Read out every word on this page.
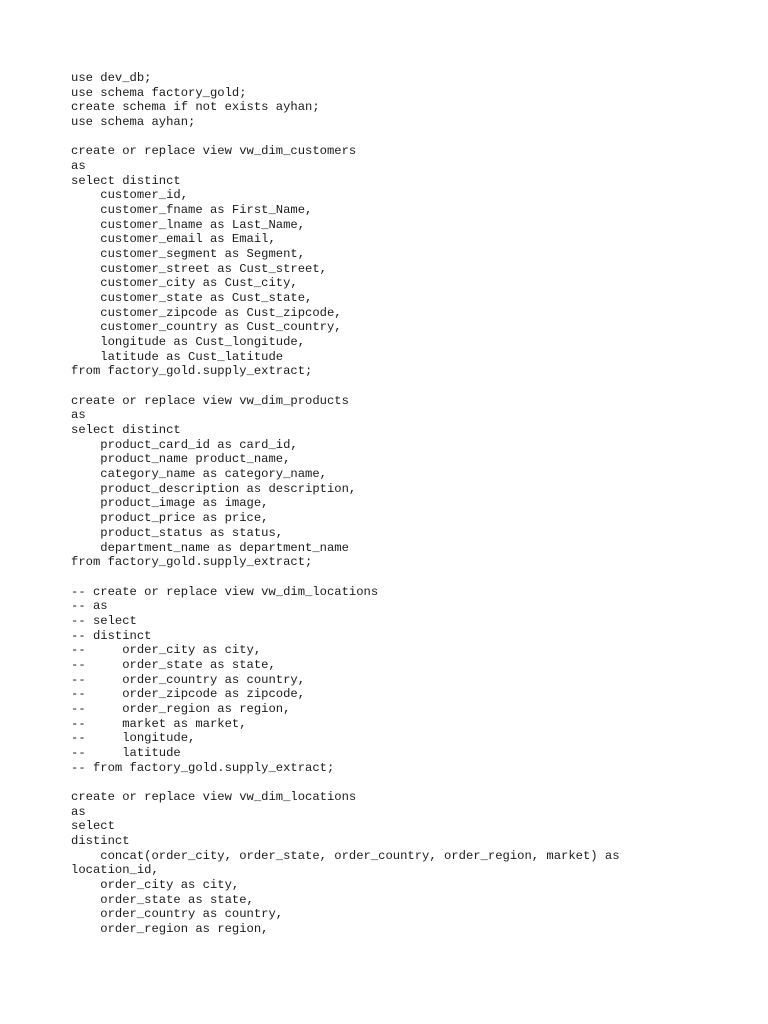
use dev_db;
use schema factory_gold;
create schema if not exists ayhan;
use schema ayhan;
create or replace view vw_dim_customers
as
select distinct
customer_id,
customer_fname as First_Name,
customer_lname as Last_Name,
customer_email as Email,
customer_segment as Segment,
customer_street as Cust_street,
customer_city as Cust_city,
customer_state as Cust_state,
customer_zipcode as Cust_zipcode,
customer_country as Cust_country,
longitude as Cust_longitude,
latitude as Cust_latitude
from factory_gold.supply_extract;
create or replace view vw_dim_products
as
select distinct
product_card_id as card_id,
product_name product_name,
category_name as category_name,
product_description as description,
product_image as image,
product_price as price,
product_status as status,
department_name as department_name
from factory_gold.supply_extract;
-- create or replace view vw_dim_locations
-- as
-- select
-- distinct
--     order_city as city,
--     order_state as state,
--     order_country as country,
--     order_zipcode as zipcode,
--     order_region as region,
--     market as market,
--     longitude,
--     latitude
-- from factory_gold.supply_extract;
create or replace view vw_dim_locations
as
select
distinct
concat(order_city, order_state, order_country, order_region, market) as
location_id,
order_city as city,
order_state as state,
order_country as country,
order_region as region,
